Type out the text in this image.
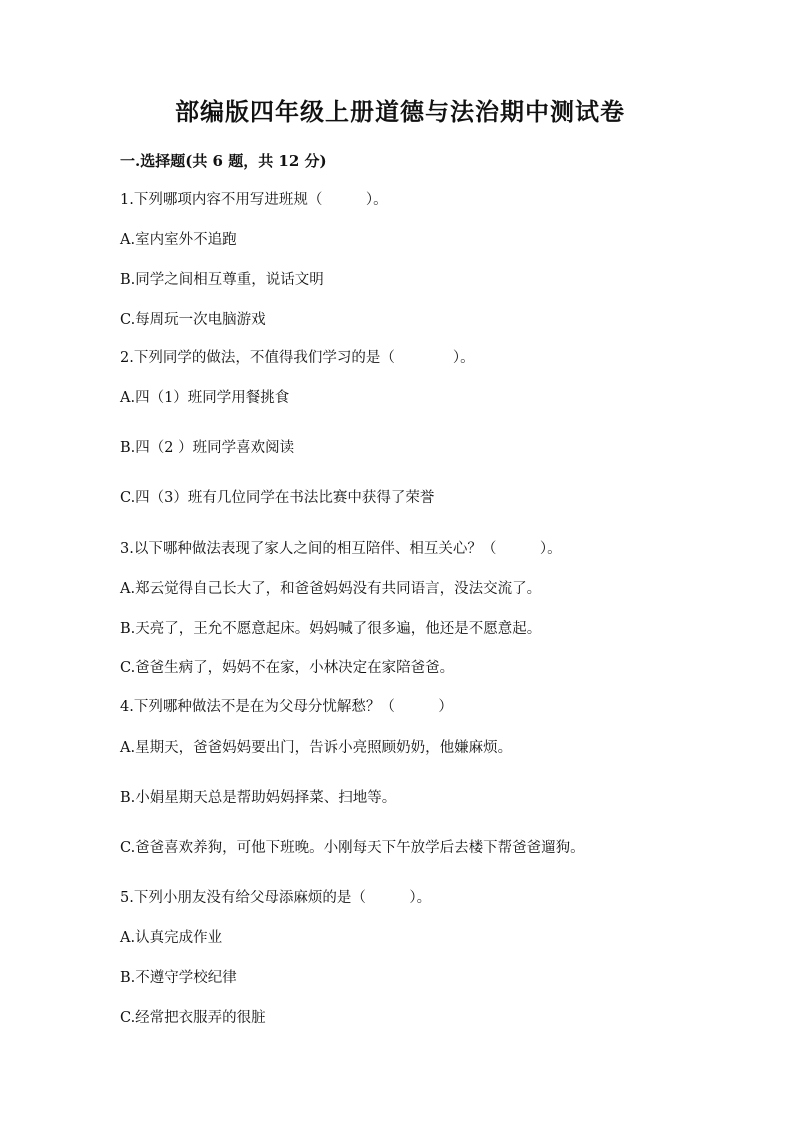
部编版四年级上册道德与法治期中测试卷
一.选择题(共 6 题，共 12 分)
1.下列哪项内容不用写进班规（　　　）。
A.室内室外不追跑
B.同学之间相互尊重，说话文明
C.每周玩一次电脑游戏
2.下列同学的做法，不值得我们学习的是（　　　　）。
A.四（1）班同学用餐挑食
B.四（2 ）班同学喜欢阅读
C.四（3）班有几位同学在书法比赛中获得了荣誉
3.以下哪种做法表现了家人之间的相互陪伴、相互关心？（　　　）。
A.郑云觉得自己长大了，和爸爸妈妈没有共同语言，没法交流了。
B.天亮了，王允不愿意起床。妈妈喊了很多遍，他还是不愿意起。
C.爸爸生病了，妈妈不在家，小林决定在家陪爸爸。
4.下列哪种做法不是在为父母分忧解愁？（　　　）
A.星期天，爸爸妈妈要出门，告诉小亮照顾奶奶，他嫌麻烦。
B.小娟星期天总是帮助妈妈择菜、扫地等。
C.爸爸喜欢养狗，可他下班晚。小刚每天下午放学后去楼下帮爸爸遛狗。
5.下列小朋友没有给父母添麻烦的是（　　　）。
A.认真完成作业
B.不遵守学校纪律
C.经常把衣服弄的很脏
